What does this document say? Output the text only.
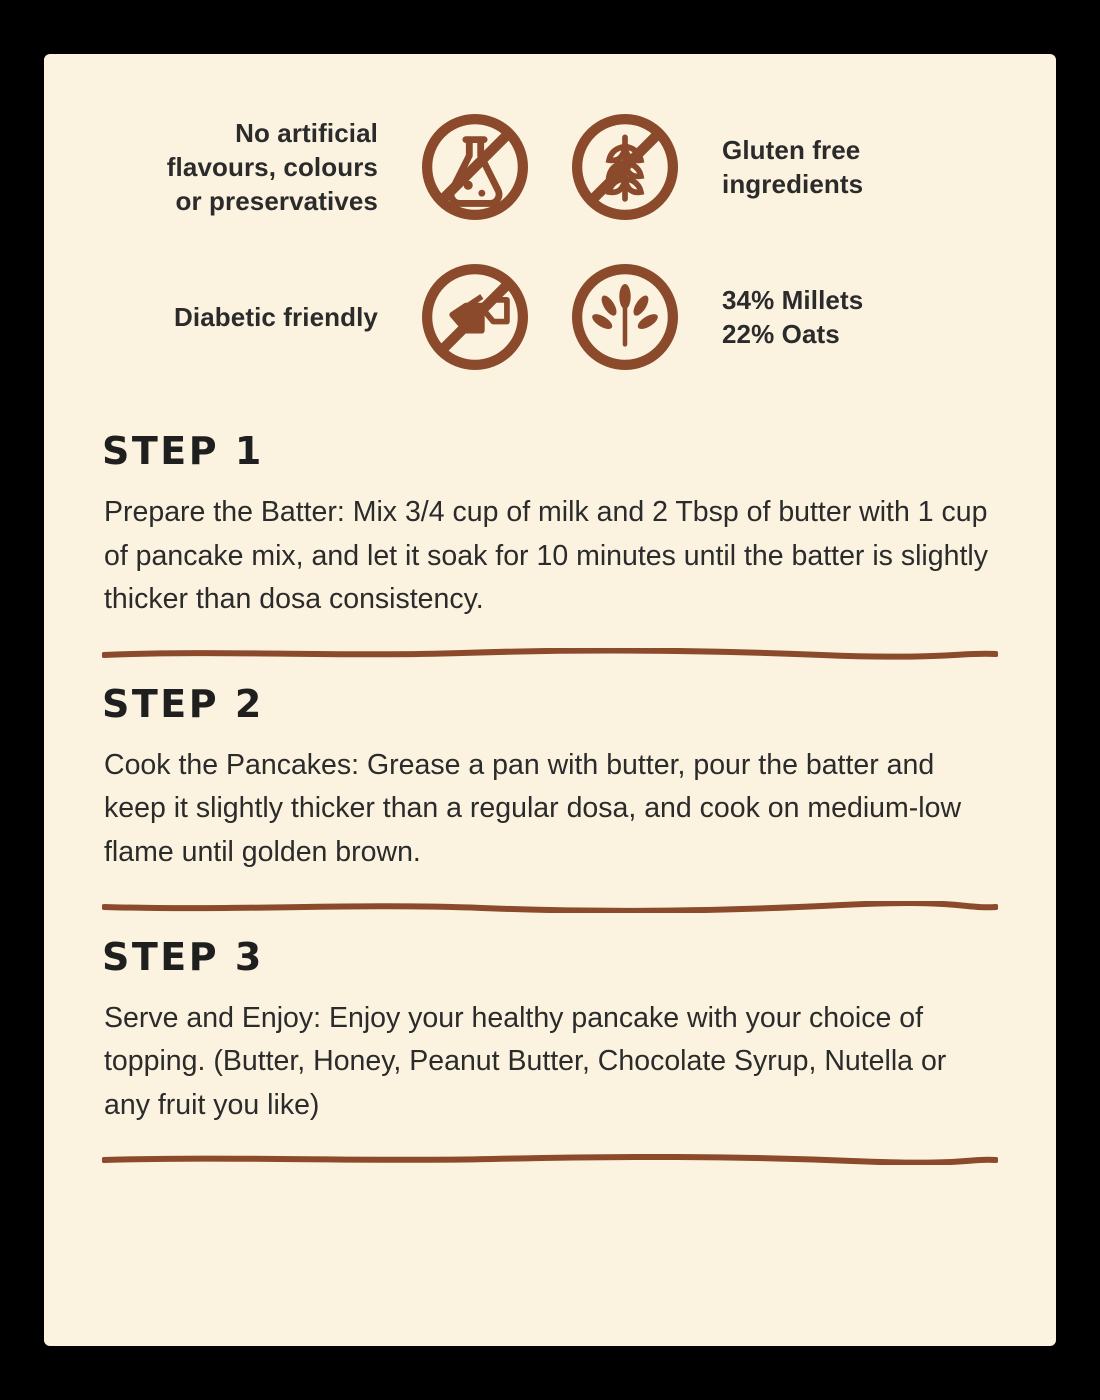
No artificial
flavours, colours
or preservatives
Gluten free
ingredients
Diabetic friendly
34% Millets
22% Oats
STEP 1

Prepare the Batter: Mix 3/4 cup of milk and 2 Tbsp of butter with 1 cup of pancake mix, and let it soak for 10 minutes until the batter is slightly thicker than dosa consistency.

STEP 2

Cook the Pancakes: Grease a pan with butter, pour the batter and keep it slightly thicker than a regular dosa, and cook on medium-low flame until golden brown.

STEP 3

Serve and Enjoy: Enjoy your healthy pancake with your choice of topping. (Butter, Honey, Peanut Butter, Chocolate Syrup, Nutella or any fruit you like)
